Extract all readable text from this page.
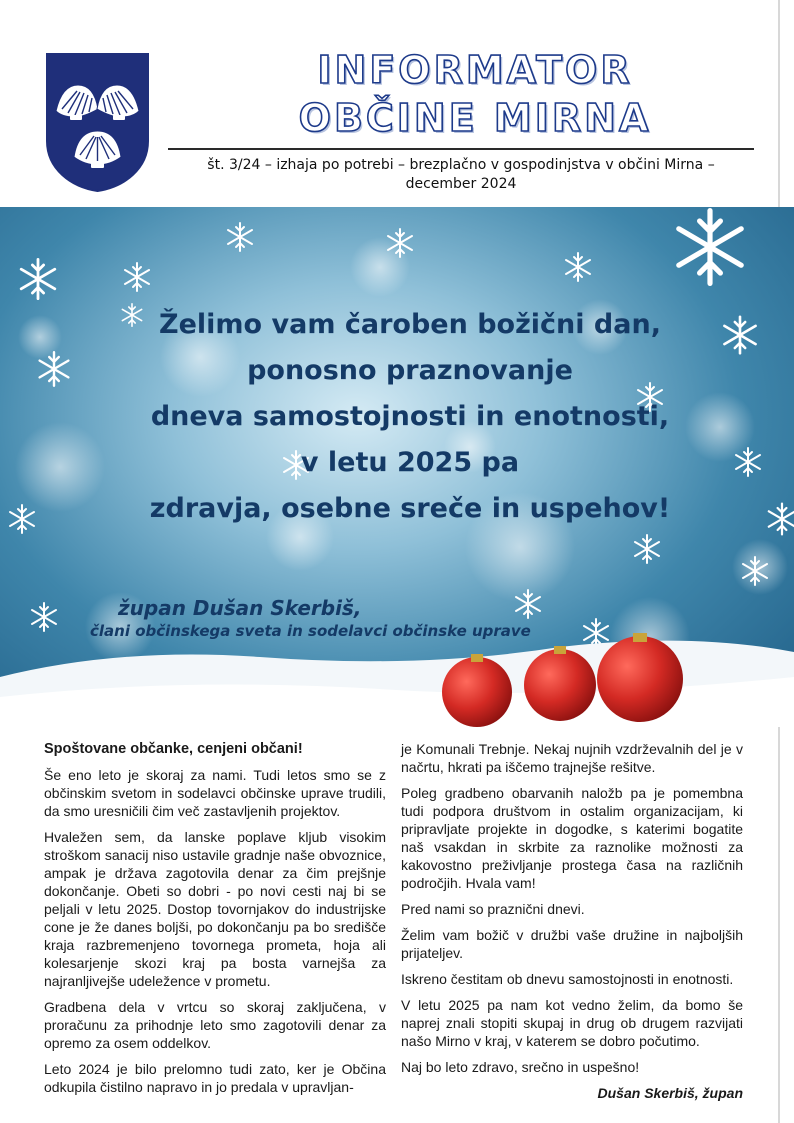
INFORMATOR
OBČINE MIRNA
št. 3/24 – izhaja po potrebi – brezplačno v gospodinjstva v občini Mirna –
december 2024
Želimo vam čaroben božični dan,
ponosno praznovanje
dneva samostojnosti in enotnosti,
v letu 2025 pa
zdravja, osebne sreče in uspehov!
župan Dušan Skerbiš,
člani občinskega sveta in sodelavci občinske uprave

Spoštovane občanke, cenjeni občani!

Še eno leto je skoraj za nami. Tudi letos smo se z občinskim svetom in sodelavci občinske uprave trudili, da smo uresničili čim več zastavljenih projektov.

Hvaležen sem, da lanske poplave kljub visokim stroškom sanacij niso ustavile gradnje naše obvoznice, ampak je država zagotovila denar za čim prejšnje dokončanje. Obeti so dobri - po novi cesti naj bi se peljali v letu 2025. Dostop tovornjakov do industrijske cone je že danes boljši, po dokončanju pa bo središče kraja razbremenjeno tovornega prometa, hoja ali kolesarjenje skozi kraj pa bosta varnejša za najranljivejše udeležence v prometu.

Gradbena dela v vrtcu so skoraj zaključena, v proračunu za prihodnje leto smo zagotovili denar za opremo za osem oddelkov.

Leto 2024 je bilo prelomno tudi zato, ker je Občina odkupila čistilno napravo in jo predala v upravljan-

je Komunali Trebnje. Nekaj nujnih vzdrževalnih del je v načrtu, hkrati pa iščemo trajnejše rešitve.

Poleg gradbeno obarvanih naložb pa je pomembna tudi podpora društvom in ostalim organizacijam, ki pripravljate projekte in dogodke, s katerimi bogatite naš vsakdan in skrbite za raznolike možnosti za kakovostno preživljanje prostega časa na različnih področjih. Hvala vam!

Pred nami so praznični dnevi.

Želim vam božič v družbi vaše družine in najboljših prijateljev.

Iskreno čestitam ob dnevu samostojnosti in enotnosti.

V letu 2025 pa nam kot vedno želim, da bomo še naprej znali stopiti skupaj in drug ob drugem razvijati našo Mirno v kraj, v katerem se dobro počutimo.

Naj bo leto zdravo, srečno in uspešno!

Dušan Skerbiš, župan
